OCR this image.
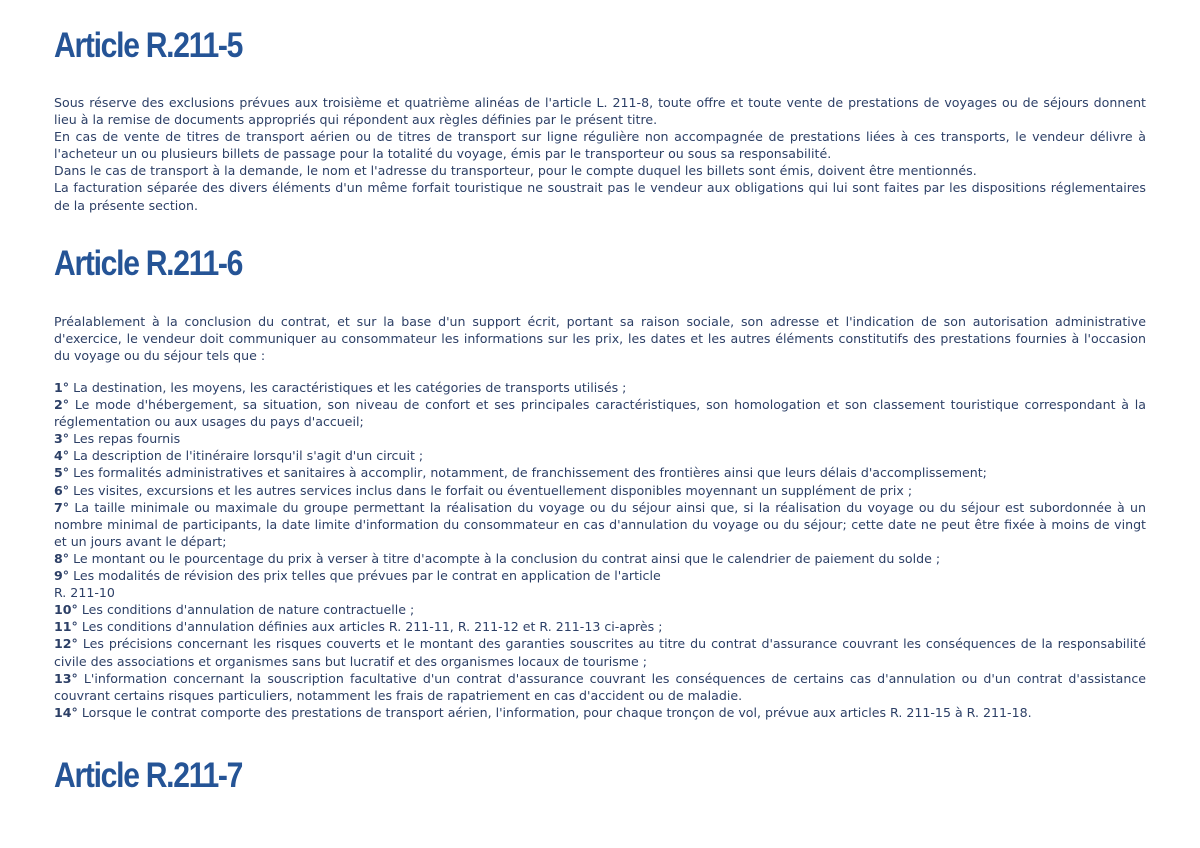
Article R.211-5

Sous réserve des exclusions prévues aux troisième et quatrième alinéas de l'article L. 211-8, toute offre et toute vente de prestations de voyages ou de séjours donnent lieu à la remise de documents appropriés qui répondent aux règles définies par le présent titre.

En cas de vente de titres de transport aérien ou de titres de transport sur ligne régulière non accompagnée de prestations liées à ces transports, le vendeur délivre à l'acheteur un ou plusieurs billets de passage pour la totalité du voyage, émis par le transporteur ou sous sa responsabilité.

Dans le cas de transport à la demande, le nom et l'adresse du transporteur, pour le compte duquel les billets sont émis, doivent être mentionnés.

La facturation séparée des divers éléments d'un même forfait touristique ne soustrait pas le vendeur aux obligations qui lui sont faites par les dispositions réglementaires de la présente section.

Article R.211-6

Préalablement à la conclusion du contrat, et sur la base d'un support écrit, portant sa raison sociale, son adresse et l'indication de son autorisation administrative d'exercice, le vendeur doit communiquer au consommateur les informations sur les prix, les dates et les autres éléments constitutifs des prestations fournies à l'occasion du voyage ou du séjour tels que :

1° La destination, les moyens, les caractéristiques et les catégories de transports utilisés ;

2° Le mode d'hébergement, sa situation, son niveau de confort et ses principales caractéristiques, son homologation et son classement touristique correspondant à la réglementation ou aux usages du pays d'accueil;

3° Les repas fournis

4° La description de l'itinéraire lorsqu'il s'agit d'un circuit ;

5° Les formalités administratives et sanitaires à accomplir, notamment, de franchissement des frontières ainsi que leurs délais d'accomplissement;

6° Les visites, excursions et les autres services inclus dans le forfait ou éventuellement disponibles moyennant un supplément de prix ;

7° La taille minimale ou maximale du groupe permettant la réalisation du voyage ou du séjour ainsi que, si la réalisation du voyage ou du séjour est subordonnée à un nombre minimal de participants, la date limite d'information du consommateur en cas d'annulation du voyage ou du séjour; cette date ne peut être fixée à moins de vingt et un jours avant le départ;

8° Le montant ou le pourcentage du prix à verser à titre d'acompte à la conclusion du contrat ainsi que le calendrier de paiement du solde ;

9° Les modalités de révision des prix telles que prévues par le contrat en application de l'article

R. 211-10

10° Les conditions d'annulation de nature contractuelle ;

11° Les conditions d'annulation définies aux articles R. 211-11, R. 211-12 et R. 211-13 ci-après ;

12° Les précisions concernant les risques couverts et le montant des garanties souscrites au titre du contrat d'assurance couvrant les conséquences de la responsabilité civile des associations et organismes sans but lucratif et des organismes locaux de tourisme ;

13° L'information concernant la souscription facultative d'un contrat d'assurance couvrant les conséquences de certains cas d'annulation ou d'un contrat d'assistance couvrant certains risques particuliers, notamment les frais de rapatriement en cas d'accident ou de maladie.

14° Lorsque le contrat comporte des prestations de transport aérien, l'information, pour chaque tronçon de vol, prévue aux articles R. 211-15 à R. 211-18.

Article R.211-7
